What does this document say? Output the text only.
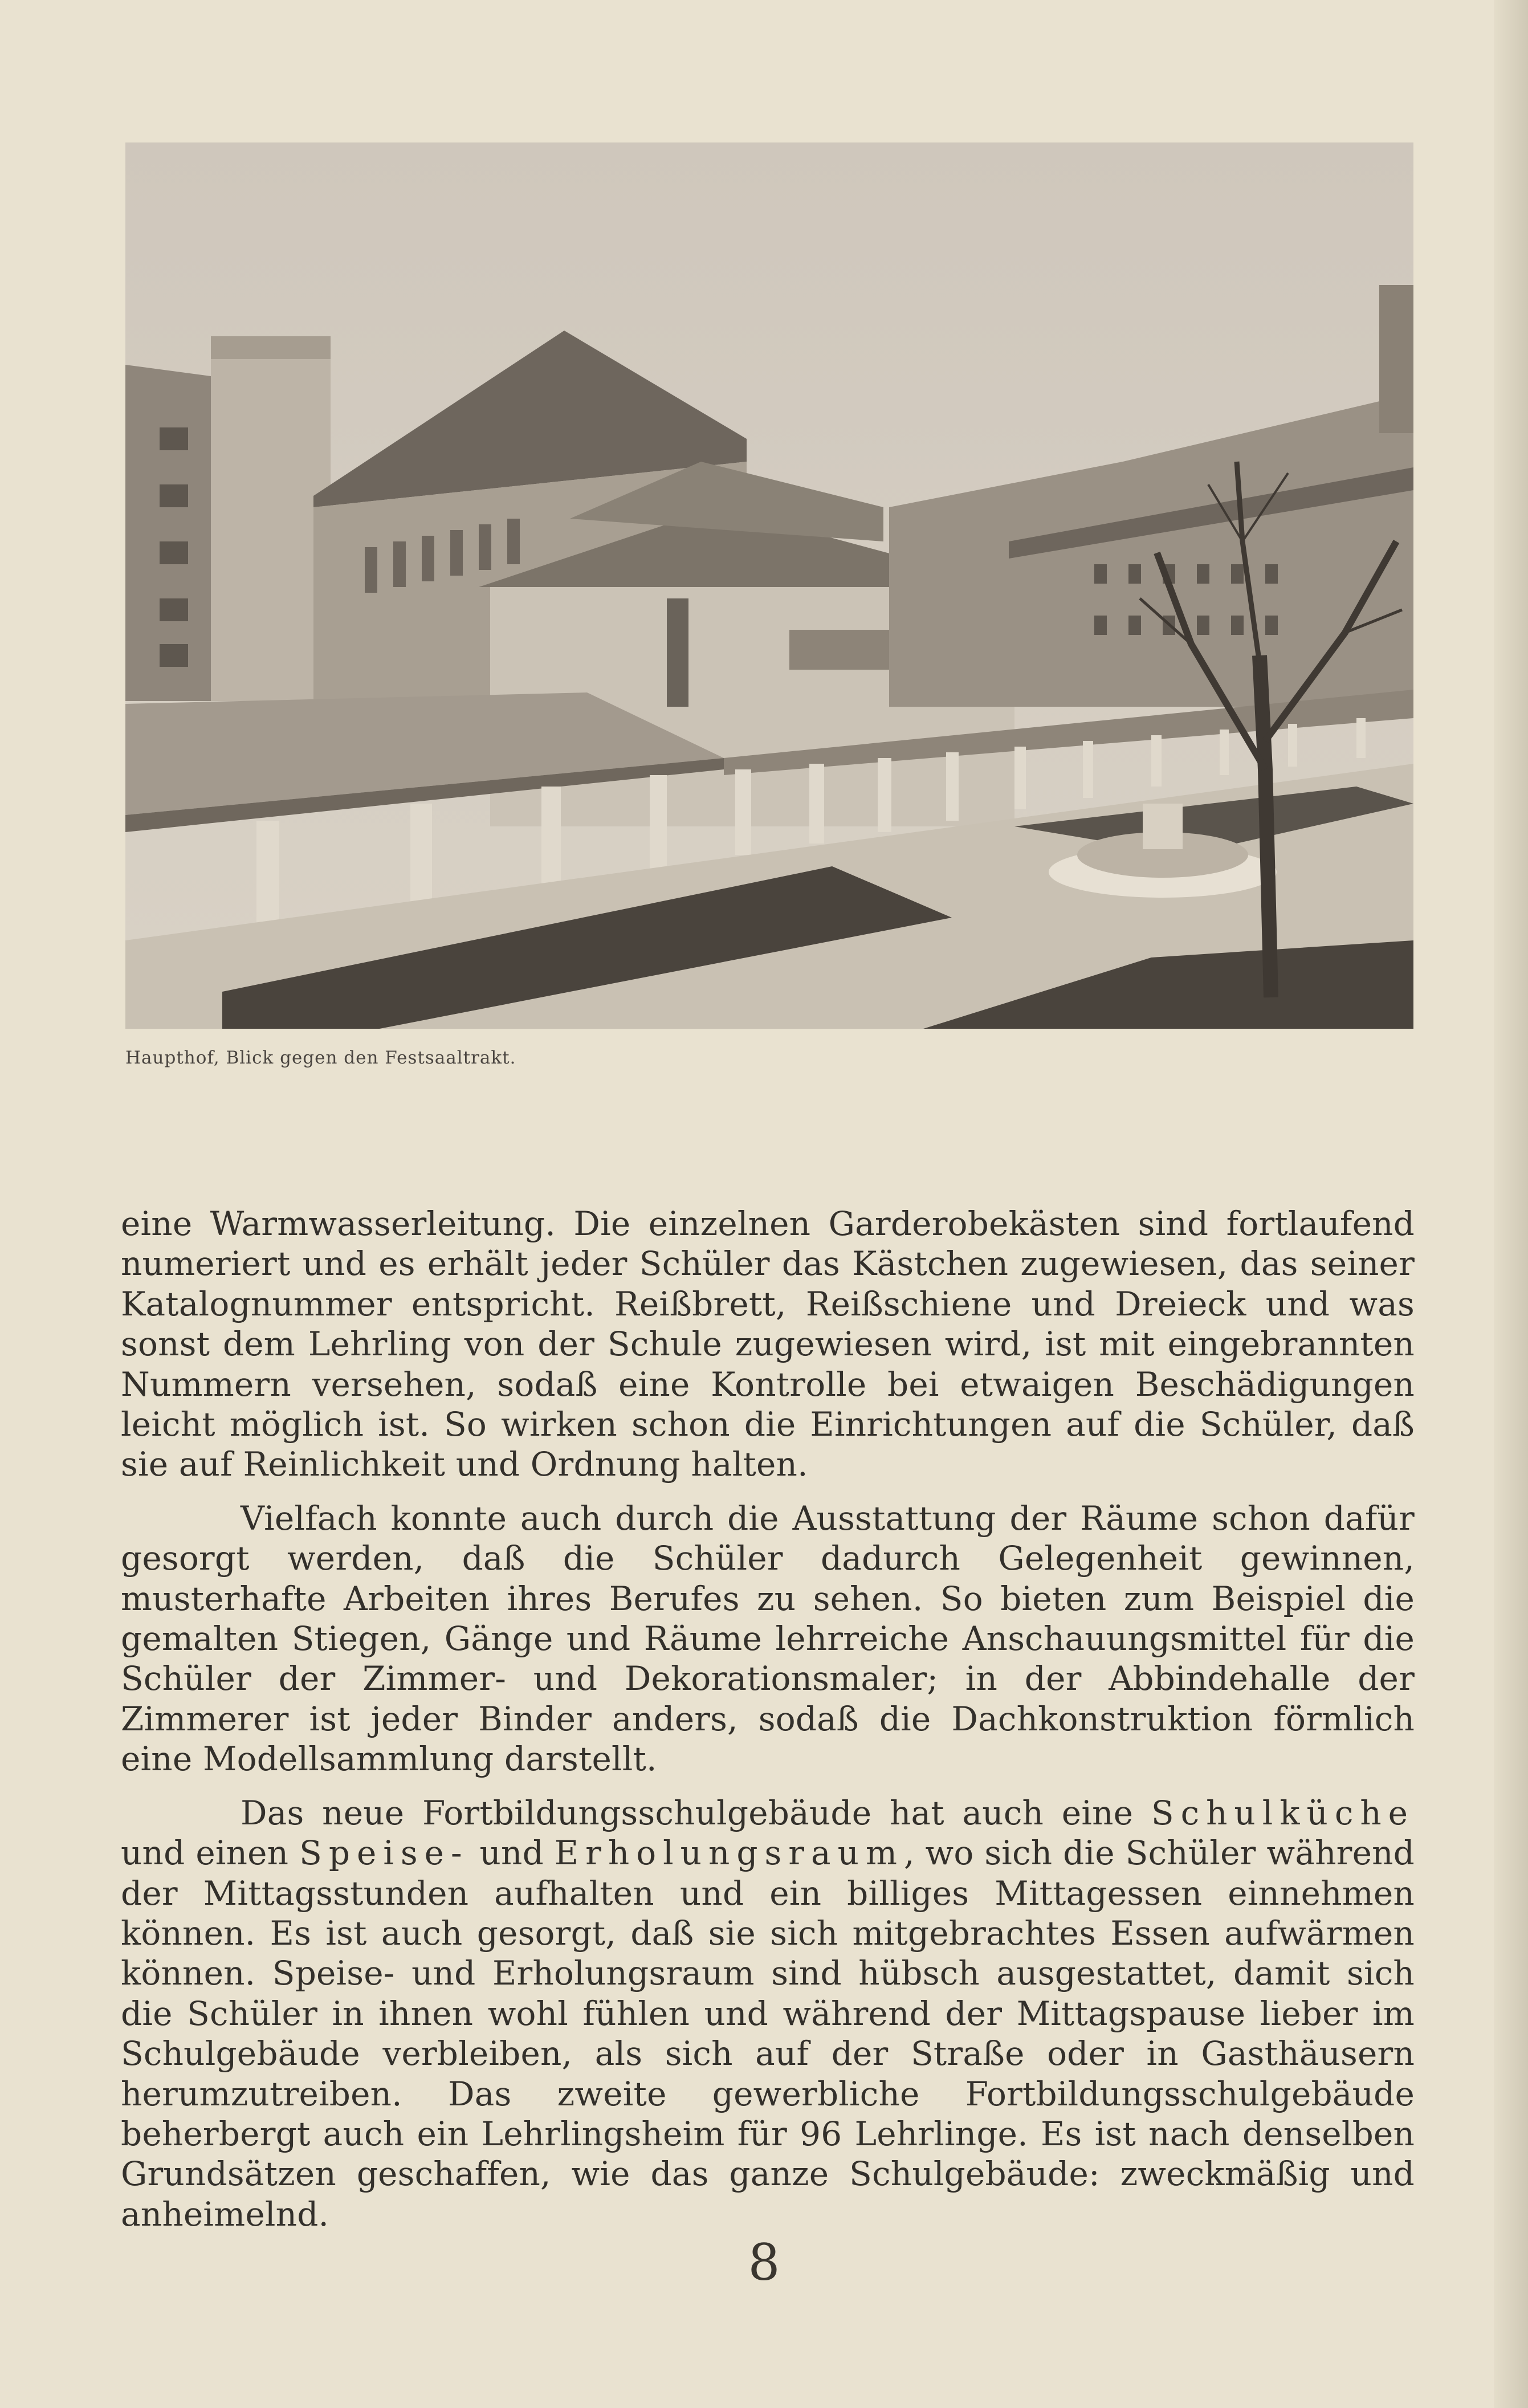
Haupthof, Blick gegen den Festsaaltrakt.

eine Warmwasserleitung. Die einzelnen Garderobekästen sind fortlaufend numeriert und es erhält jeder Schüler das Kästchen zugewiesen, das seiner Katalognummer entspricht. Reißbrett, Reißschiene und Dreieck und was sonst dem Lehrling von der Schule zugewiesen wird, ist mit eingebrannten Nummern versehen, sodaß eine Kontrolle bei etwaigen Beschädigungen leicht möglich ist. So wirken schon die Einrichtungen auf die Schüler, daß sie auf Reinlichkeit und Ordnung halten.

Vielfach konnte auch durch die Ausstattung der Räume schon dafür gesorgt werden, daß die Schüler dadurch Gelegenheit gewinnen, musterhafte Arbeiten ihres Berufes zu sehen. So bieten zum Beispiel die gemalten Stiegen, Gänge und Räume lehrreiche Anschauungsmittel für die Schüler der Zimmer- und Dekorationsmaler; in der Abbindehalle der Zimmerer ist jeder Binder anders, sodaß die Dachkonstruktion förmlich eine Modellsammlung darstellt.

Das neue Fortbildungsschulgebäude hat auch eine Schulküche und einen Speise- und Erholungsraum, wo sich die Schüler während der Mittagsstunden aufhalten und ein billiges Mittagessen einnehmen können. Es ist auch gesorgt, daß sie sich mitgebrachtes Essen aufwärmen können. Speise- und Erholungsraum sind hübsch ausgestattet, damit sich die Schüler in ihnen wohl fühlen und während der Mittagspause lieber im Schulgebäude verbleiben, als sich auf der Straße oder in Gasthäusern herumzutreiben. Das zweite gewerbliche Fortbildungsschulgebäude beherbergt auch ein Lehrlingsheim für 96 Lehrlinge. Es ist nach denselben Grundsätzen geschaffen, wie das ganze Schulgebäude: zweckmäßig und anheimelnd.

8
